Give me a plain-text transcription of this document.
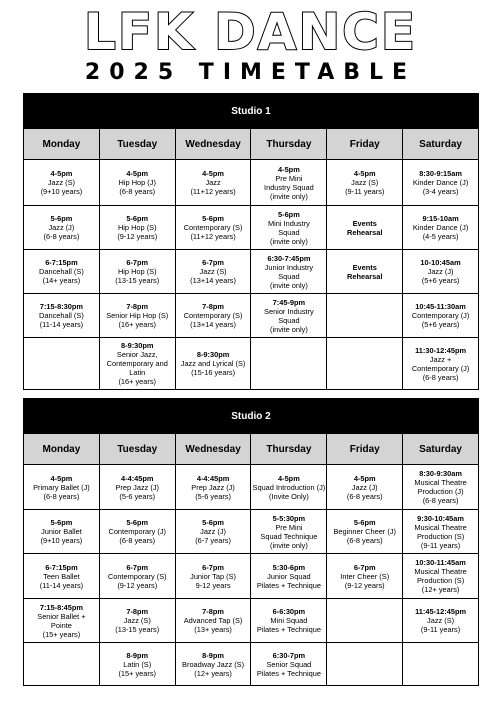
LFK DANCE
2025 TIMETABLE
Studio 1					
Monday	Tuesday	Wednesday	Thursday	Friday	Saturday

4-5pm
Jazz (S)
(9+10 years)	4-5pm
Hip Hop (J)
(6-8 years)	4-5pm
Jazz
(11+12 years)	4-5pm
Pre Mini
Industry Squad
(invite only)	4-5pm
Jazz (S)
(9-11 years)	8:30-9:15am
Kinder Dance (J)
(3-4 years)

5-6pm
Jazz (J)
(6-8 years)	5-6pm
Hip Hop (S)
(9-12 years)	5-6pm
Contemporary (S)
(11+12 years)	5-6pm
Mini Industry
Squad
(invite only)	Events
Rehearsal	9:15-10am
Kinder Dance (J)
(4-5 years)

6-7:15pm
Dancehall (S)
(14+ years)	6-7pm
Hip Hop (S)
(13-15 years)	6-7pm
Jazz (S)
(13+14 years)	6:30-7:45pm
Junior Industry
Squad
(invite only)	Events
Rehearsal	10-10:45am
Jazz (J)
(5+6 years)

7:15-8:30pm
Dancehall (S)
(11-14 years)	7-8pm
Senior Hip Hop (S)
(16+ years)	7-8pm
Contemporary (S)
(13+14 years)	7:45-9pm
Senior Industry
Squad
(invite only)		10:45-11:30am
Contemporary (J)
(5+6 years)

	8-9:30pm
Senior Jazz,
Contemporary and
Latin
(16+ years)	8-9:30pm
Jazz and Lyrical (S)
(15-16 years)			11:30-12:45pm
Jazz +
Contemporary (J)
(6-8 years)
Studio 2					
Monday	Tuesday	Wednesday	Thursday	Friday	Saturday

4-5pm
Primary Ballet (J)
(6-8 years)	4-4:45pm
Prep Jazz (J)
(5-6 years)	4-4:45pm
Prep Jazz (J)
(5-6 years)	4-5pm
Squad Introduction (J)
(Invite Only)	4-5pm
Jazz (J)
(6-8 years)	8:30-9:30am
Musical Theatre
Production (J)
(6-8 years)

5-6pm
Junior Ballet
(9+10 years)	5-6pm
Contemporary (J)
(6-8 years)	5-6pm
Jazz (J)
(6-7 years)	5-5:30pm
Pre Mini
Squad Technique
(invite only)	5-6pm
Beginner Cheer (J)
(6-8 years)	9:30-10:45am
Musical Theatre
Production (S)
(9-11 years)

6-7:15pm
Teen Ballet
(11-14 years)	6-7pm
Contemporary (S)
(9-12 years)	6-7pm
Junior Tap (S)
9-12 years	5:30-6pm
Junior Squad
Pilates + Technique	6-7pm
Inter Cheer (S)
(9-12 years)	10:30-11:45am
Musical Theatre
Production (S)
(12+ years)

7:15-8:45pm
Senior Ballet +
Pointe
(15+ years)	7-8pm
Jazz (S)
(13-15 years)	7-8pm
Advanced Tap (S)
(13+ years)	6-6:30pm
Mini Squad
Pilates + Technique		11:45-12:45pm
Jazz (S)
(9-11 years)

	8-9pm
Latin (S)
(15+ years)	8-9pm
Broadway Jazz (S)
(12+ years)	6:30-7pm
Senior Squad
Pilates + Technique		
